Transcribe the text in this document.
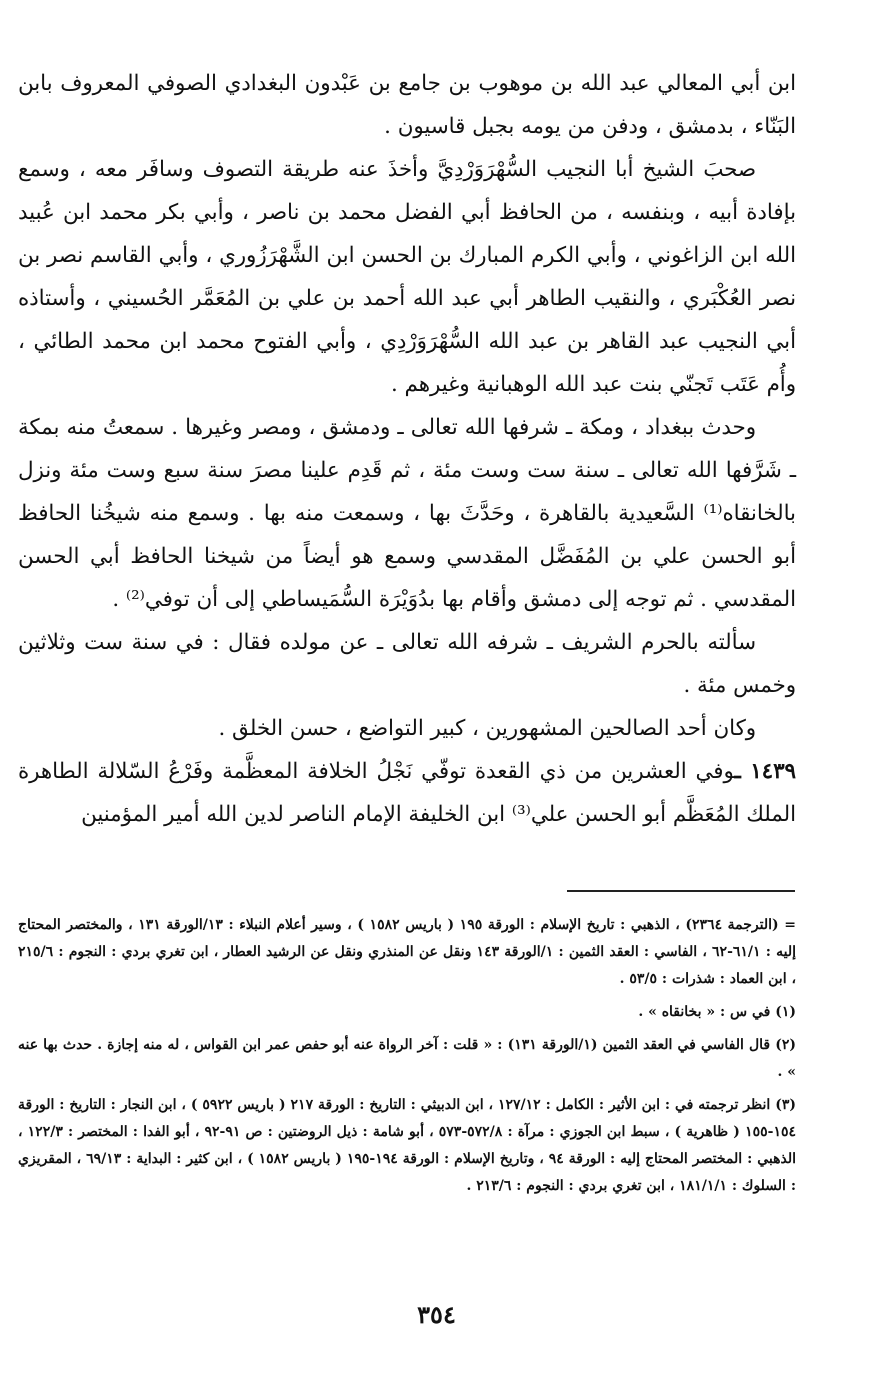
ابن أبي المعالي عبد الله بن موهوب بن جامع بن عَبْدون البغدادي الصوفي المعروف بابن البَنّاء ، بدمشق ، ودفن من يومه بجبل قاسيون .

صحبَ الشيخ أبا النجيب السُّهْرَوَرْدِيَّ وأخذَ عنه طريقة التصوف وسافَر معه ، وسمع بإفادة أبيه ، وبنفسه ، من الحافظ أبي الفضل محمد بن ناصر ، وأبي بكر محمد ابن عُبيد الله ابن الزاغوني ، وأبي الكرم المبارك بن الحسن ابن الشَّهْرَزُوري ، وأبي القاسم نصر بن نصر العُكْبَري ، والنقيب الطاهر أبي عبد الله أحمد بن علي بن المُعَمَّر الحُسيني ، وأستاذه أبي النجيب عبد القاهر بن عبد الله السُّهْرَوَرْدِي ، وأبي الفتوح محمد ابن محمد الطائي ، وأُم عَتَب تَجنّي بنت عبد الله الوهبانية وغيرهم .

وحدث ببغداد ، ومكة ـ شرفها الله تعالى ـ ودمشق ، ومصر وغيرها . سمعتُ منه بمكة ـ شَرَّفها الله تعالى ـ سنة ست وست مئة ، ثم قَدِم علينا مصرَ سنة سبع وست مئة ونزل بالخانقاه⁽¹⁾ السَّعيدية بالقاهرة ، وحَدَّثَ بها ، وسمعت منه بها . وسمع منه شيخُنا الحافظ أبو الحسن علي بن المُفَضَّل المقدسي وسمع هو أيضاً من شيخنا الحافظ أبي الحسن المقدسي . ثم توجه إلى دمشق وأقام بها بدُوَيْرَة السُّمَيساطي إلى أن توفي⁽²⁾ .

سألته بالحرم الشريف ـ شرفه الله تعالى ـ عن مولده فقال : في سنة ست وثلاثين وخمس مئة .

وكان أحد الصالحين المشهورين ، كبير التواضع ، حسن الخلق .

١٤٣٩ ـوفي العشرين من ذي القعدة توفّي نَجْلُ الخلافة المعظَّمة وفَرْعُ السّلالة الطاهرة الملك المُعَظَّم أبو الحسن علي⁽³⁾ ابن الخليفة الإمام الناصر لدين الله أمير المؤمنين

= (الترجمة ٢٣٦٤) ، الذهبي : تاريخ الإسلام : الورقة ١٩٥ ( باريس ١٥٨٢ ) ، وسير أعلام النبلاء : ١٣/الورقة ١٣١ ، والمختصر المحتاج إليه : ٦١/١-٦٢ ، الفاسي : العقد الثمين : ١/الورقة ١٤٣ ونقل عن المنذري ونقل عن الرشيد العطار ، ابن تغري بردي : النجوم : ٢١٥/٦ ، ابن العماد : شذرات : ٥٣/٥ .

(١) في س : « بخانقاه » .

(٢) قال الفاسي في العقد الثمين (١/الورقة ١٣١) : « قلت : آخر الرواة عنه أبو حفص عمر ابن القواس ، له منه إجازة . حدث بها عنه » .

(٣) انظر ترجمته في : ابن الأثير : الكامل : ١٢٧/١٢ ، ابن الدبيثي : التاريخ : الورقة ٢١٧ ( باريس ٥٩٢٢ ) ، ابن النجار : التاريخ : الورقة ١٥٤-١٥٥ ( ظاهرية ) ، سبط ابن الجوزي : مرآة : ٥٧٢/٨-٥٧٣ ، أبو شامة : ذيل الروضتين : ص ٩١-٩٢ ، أبو الفدا : المختصر : ١٢٢/٣ ، الذهبي : المختصر المحتاج إليه : الورقة ٩٤ ، وتاريخ الإسلام : الورقة ١٩٤-١٩٥ ( باريس ١٥٨٢ ) ، ابن كثير : البداية : ٦٩/١٣ ، المقريزي : السلوك : ١٨١/١/١ ، ابن تغري بردي : النجوم : ٢١٣/٦ .

٣٥٤
